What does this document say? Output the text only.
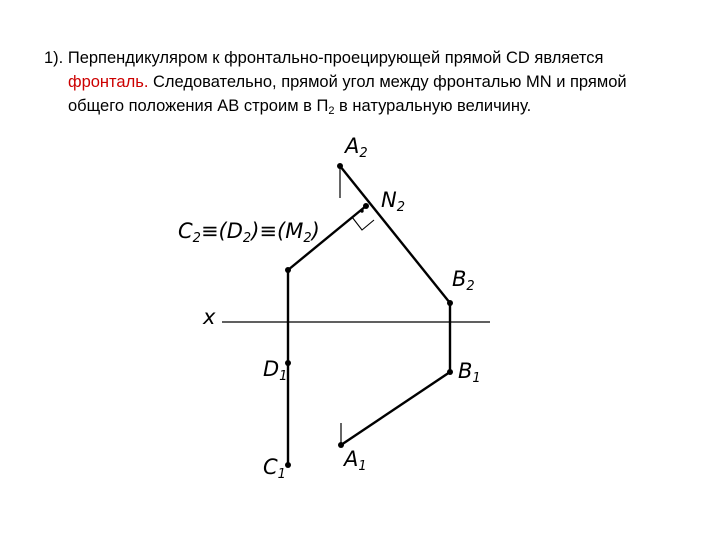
1). Перпендикуляром к фронтально-проецирующей прямой CD является
фронталь. Следовательно, прямой угол между фронталью MN и прямой
общего положения AB строим в $П_2$ в натуральную величину.
x
A2
N2
B2
B1
D1
C1
A1
C2≡(D2)≡(M2)
